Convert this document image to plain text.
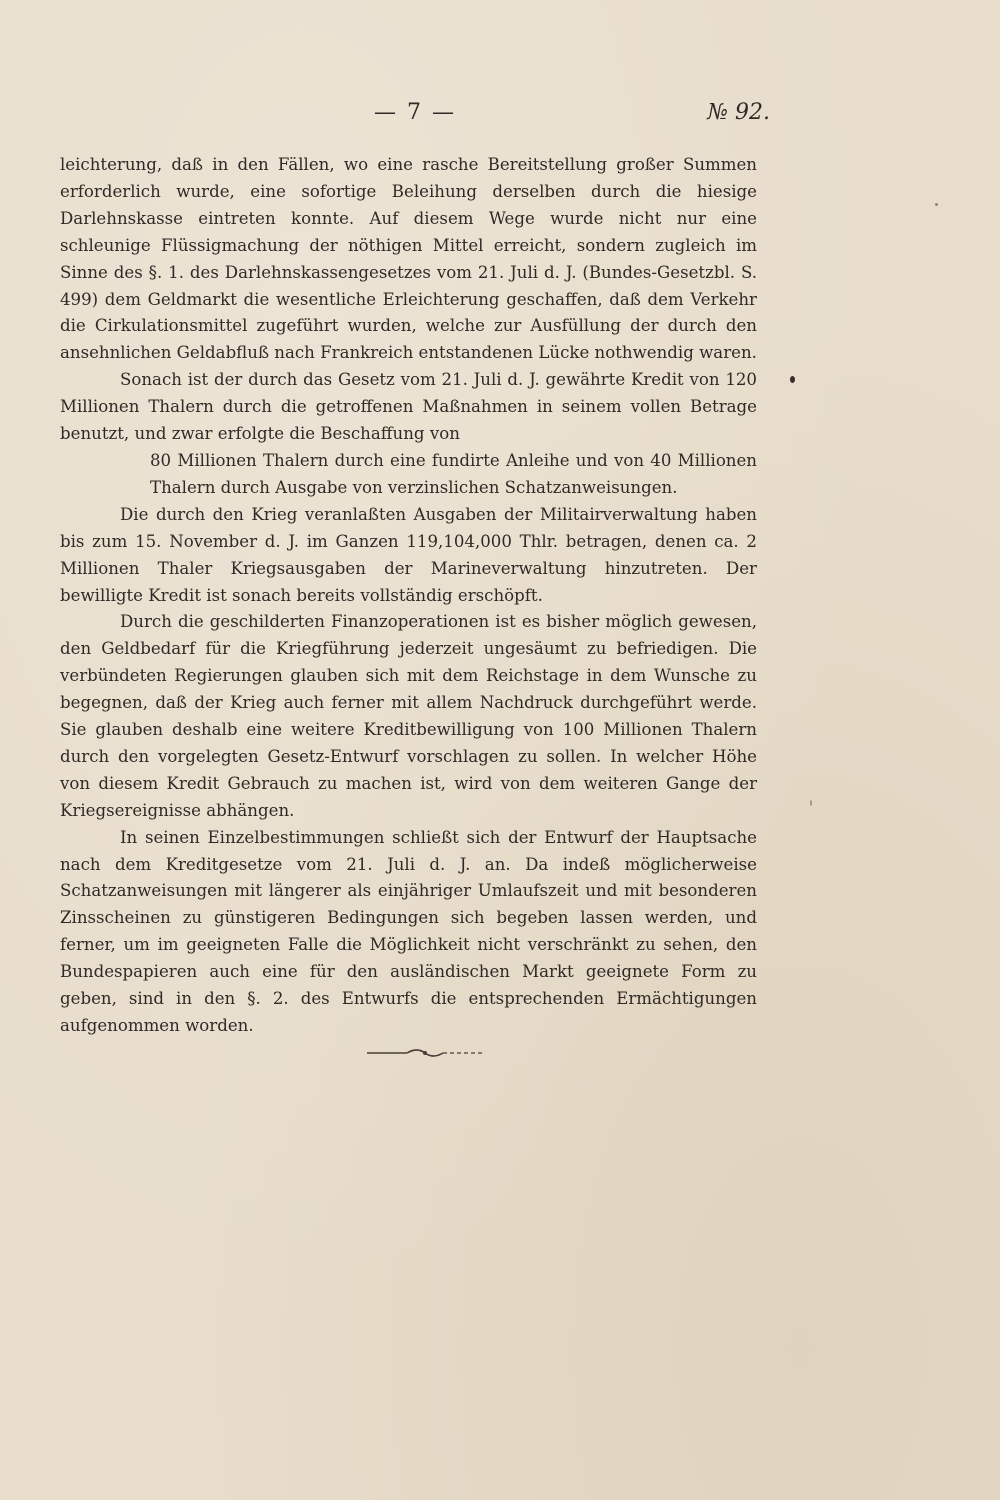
— 7 —	№ 92.

leichterung, daß in den Fällen, wo eine rasche Bereitstellung großer Summen erforderlich wurde, eine sofortige Beleihung derselben durch die hiesige Darlehnskasse eintreten konnte. Auf diesem Wege wurde nicht nur eine schleunige Flüssigmachung der nöthigen Mittel erreicht, sondern zugleich im Sinne des §. 1. des Darlehnskassengesetzes vom 21. Juli d. J. (Bundes-Gesetzbl. S. 499) dem Geldmarkt die wesentliche Erleichterung geschaffen, daß dem Verkehr die Cirkulationsmittel zugeführt wurden, welche zur Ausfüllung der durch den ansehnlichen Geldabfluß nach Frankreich entstandenen Lücke nothwendig waren.

Sonach ist der durch das Gesetz vom 21. Juli d. J. gewährte Kredit von 120 Millionen Thalern durch die getroffenen Maßnahmen in seinem vollen Betrage benutzt, und zwar erfolgte die Beschaffung von

80 Millionen Thalern durch eine fundirte Anleihe und von 40 Millionen Thalern durch Ausgabe von verzinslichen Schatzanweisungen.

Die durch den Krieg veranlaßten Ausgaben der Militairverwaltung haben bis zum 15. November d. J. im Ganzen 119,104,000 Thlr. betragen, denen ca. 2 Millionen Thaler Kriegsausgaben der Marineverwaltung hinzutreten. Der bewilligte Kredit ist sonach bereits vollständig erschöpft.

Durch die geschilderten Finanzoperationen ist es bisher möglich gewesen, den Geldbedarf für die Kriegführung jederzeit ungesäumt zu befriedigen. Die verbündeten Regierungen glauben sich mit dem Reichstage in dem Wunsche zu begegnen, daß der Krieg auch ferner mit allem Nachdruck durchgeführt werde. Sie glauben deshalb eine weitere Kreditbewilligung von 100 Millionen Thalern durch den vorgelegten Gesetz-Entwurf vorschlagen zu sollen. In welcher Höhe von diesem Kredit Gebrauch zu machen ist, wird von dem weiteren Gange der Kriegsereignisse abhängen.

In seinen Einzelbestimmungen schließt sich der Entwurf der Hauptsache nach dem Kreditgesetze vom 21. Juli d. J. an. Da indeß möglicherweise Schatzanweisungen mit längerer als einjähriger Umlaufszeit und mit besonderen Zinsscheinen zu günstigeren Bedingungen sich begeben lassen werden, und ferner, um im geeigneten Falle die Möglichkeit nicht verschränkt zu sehen, den Bundespapieren auch eine für den ausländischen Markt geeignete Form zu geben, sind in den §. 2. des Entwurfs die entsprechenden Ermächtigungen aufgenommen worden.
